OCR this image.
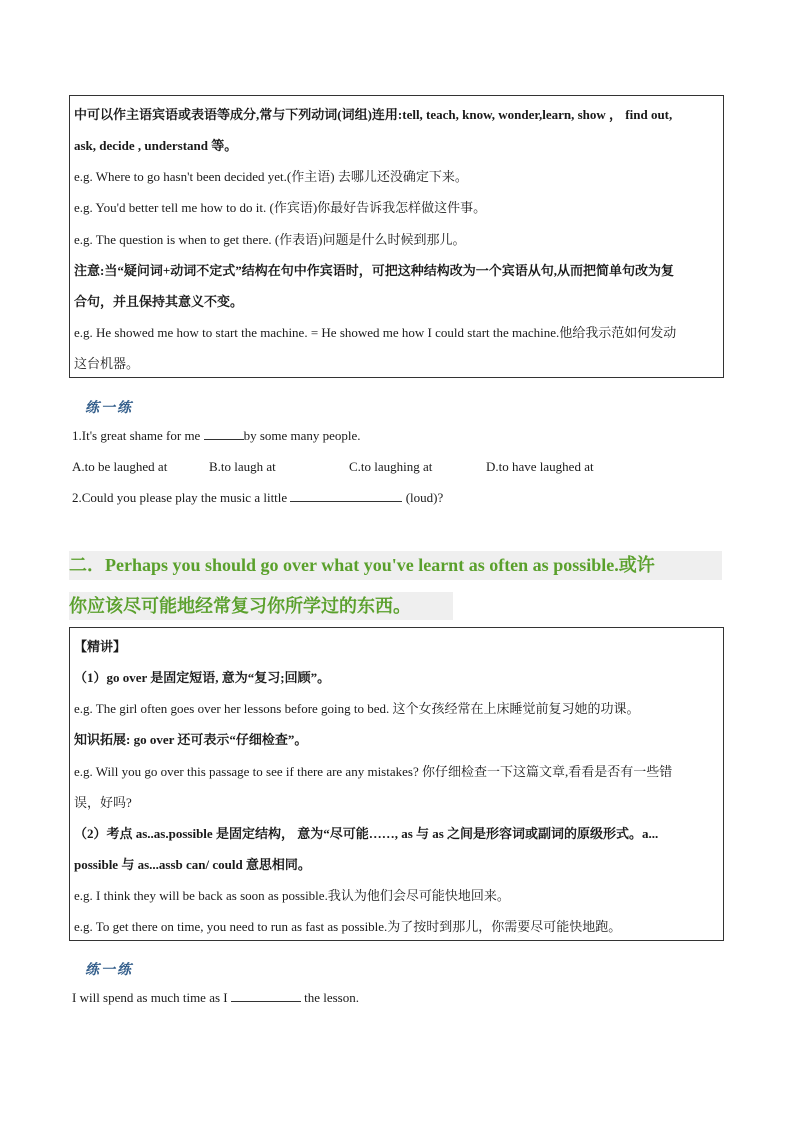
中可以作主语宾语或表语等成分,常与下列动词(词组)连用:tell, teach, know, wonder,learn, show ， find out,
ask, decide , understand 等。
e.g. Where to go hasn't been decided yet.(作主语) 去哪儿还没确定下来。
e.g. You'd better tell me how to do it. (作宾语)你最好告诉我怎样做这件事。
e.g. The question is when to get there. (作表语)问题是什么时候到那儿。
注意:当“疑问词+动词不定式”结构在句中作宾语时，可把这种结构改为一个宾语从句,从而把简单句改为复
合句，并且保持其意义不变。
e.g. He showed me how to start the machine. = He showed me how I could start the machine.他给我示范如何发动
这台机器。
练一练
1.It's great shame for me	by some many people.
A.to be laughed at	B.to laugh at	C.to laughing at	D.to have laughed at
2.Could you please play the music a little	(loud)?
二．Perhaps you should go over what you've learnt as often as possible.或许
你应该尽可能地经常复习你所学过的东西。
【精讲】
（1）go over 是固定短语, 意为“复习;回顾”。
e.g. The girl often goes over her lessons before going to bed. 这个女孩经常在上床睡觉前复习她的功课。
知识拓展: go over 还可表示“仔细检查”。
e.g. Will you go over this passage to see if there are any mistakes? 你仔细检查一下这篇文章,看看是否有一些错
误，好吗?
（2）考点 as..as.possible 是固定结构， 意为“尽可能……, as 与 as 之间是形容词或副词的原级形式。a...
possible 与 as...assb can/ could 意思相同。
e.g. I think they will be back as soon as possible.我认为他们会尽可能快地回来。
e.g. To get there on time, you need to run as fast as possible.为了按时到那儿，你需要尽可能快地跑。
练一练
I will spend as much time as I	the lesson.
